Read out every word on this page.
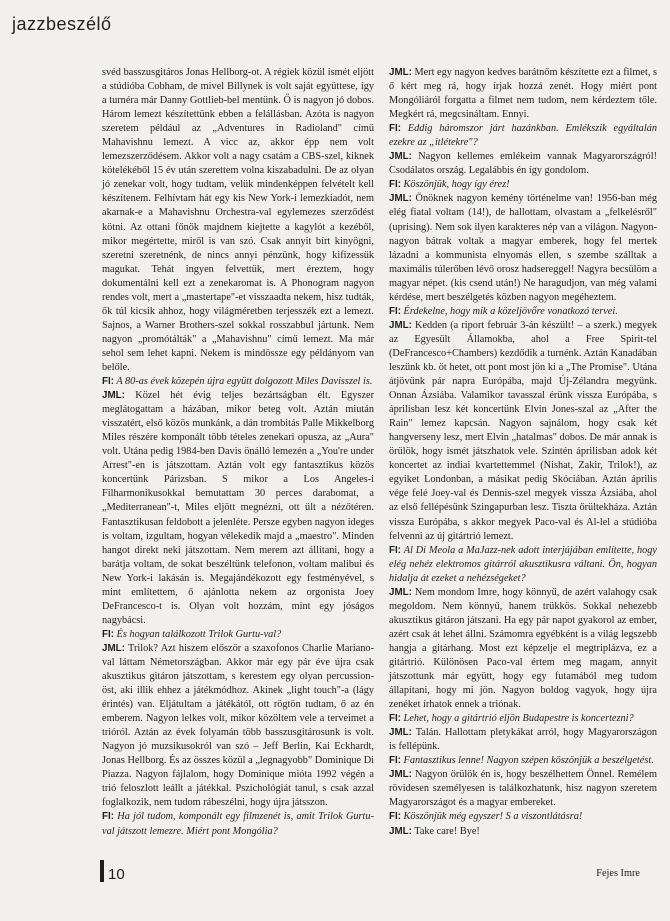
jazzbeszélő

svéd basszusgitáros Jonas Hellborg-ot. A régiek közül ismét eljött a stúdióba Cobham, de mivel Billynek is volt saját együttese, így a turnéra már Danny Gottlieb-bel mentünk. Ő is nagyon jó dobos. Három lemezt készítettünk ebben a felállásban. Azóta is nagyon szeretem például az „Adventures in Radioland" című Mahavishnu lemezt. A vicc az, akkor épp nem volt lemezszerződésem. Akkor volt a nagy csatám a CBS-szel, kiknek kötelékéből 15 év után szerettem volna kiszabadulni. De az olyan jó zenekar volt, hogy tudtam, velük mindenképpen felvételt kell készítenem. Felhívtam hát egy kis New York-i lemezkiadót, nem akarnak-e a Mahavishnu Orchestra-val egylemezes szerződést kötni. Az ottani főnök majdnem kiejtette a kagylót a kezéből, mikor megértette, miről is van szó. Csak annyit bírt kinyögni, szeretni szeretnénk, de nincs annyi pénzünk, hogy kifizessük magukat. Tehát ingyen felvettük, mert éreztem, hogy dokumentálni kell ezt a zenekaromat is. A Phonogram nagyon rendes volt, mert a „mastertape"-et visszaadta nekem, hisz tudták, ők túl kicsik ahhoz, hogy világméretben terjesszék ezt a lemezt. Sajnos, a Warner Brothers-szel sokkal rosszabbul jártunk. Nem nagyon „promótálták" a „Mahavishnu" című lemezt. Ma már sehol sem lehet kapni. Nekem is mindössze egy példányom van belőle.

FI: A 80-as évek közepén újra együtt dolgozott Miles Davisszel is.

JML: Közel hét évig teljes bezártságban élt. Egyszer meglátogattam a házában, mikor beteg volt. Aztán miután visszatért, első közös munkánk, a dán trombitás Palle Mikkelborg Miles részére komponált több tételes zenekari opusza, az „Aura" volt. Utána pedig 1984-ben Davis önálló lemezén a „You're under Arrest"-en is játszottam. Aztán volt egy fantasztikus közös koncertünk Párizsban. S mikor a Los Angeles-i Filharmonikusokkal bemutattam 30 perces darabomat, a „Mediterranean"-t, Miles eljött megnézni, ott ült a nézőtéren. Fantasztikusan feldobott a jelenléte. Persze egyben nagyon ideges is voltam, izgultam, hogyan vélekedik majd a „maestro". Minden hangot direkt neki játszottam. Nem merem azt állítani, hogy a barátja voltam, de sokat beszéltünk telefonon, voltam malibui és New York-i lakásán is. Megajándékozott egy festményével, s mint említettem, ő ajánlotta nekem az orgonista Joey DeFrancesco-t is. Olyan volt hozzám, mint egy jóságos nagybácsi.

FI: És hogyan találkozott Trilok Gurtu-val?

JML: Trilok? Azt hiszem először a szaxofonos Charlie Mariano-val láttam Németországban. Akkor már egy pár éve újra csak akusztikus gitáron játszottam, s kerestem egy olyan percussion-öst, aki illik ehhez a játékmódhoz. Akinek „light touch"-a (lágy érintés) van. Eljátultam a játékától, ott rögtön tudtam, ő az én emberem. Nagyon lelkes volt, mikor közöltem vele a terveimet a trióról. Aztán az évek folyamán több basszusgitárosunk is volt. Nagyon jó muzsikusokról van szó – Jeff Berlin, Kai Eckhardt, Jonas Hellborg. És az összes közül a „legnagyobb" Dominique Di Piazza. Nagyon fájlalom, hogy Dominique mióta 1992 végén a trió feloszlott leállt a játékkal. Pszichológiát tanul, s csak azzal foglalkozik, nem tudom rábeszélni, hogy újra játsszon.

FI: Ha jól tudom, komponált egy filmzenét is, amit Trilok Gurtu-val játszott lemezre. Miért pont Mongólia?

JML: Mert egy nagyon kedves barátnőm készítette ezt a filmet, s ő kért meg rá, hogy írjak hozzá zenét. Hogy miért pont Mongóliáról forgatta a filmet nem tudom, nem kérdeztem tőle. Megkért rá, megcsináltam. Ennyi.

FI: Eddig háromszor járt hazánkban. Emlékszik egyáltalán ezekre az „itlétekre"?

JML: Nagyon kellemes emlékeim vannak Magyarországról! Csodálatos ország. Legalábbis én így gondolom.

FI: Köszönjük, hogy így érez!

JML: Önöknek nagyon kemény történelme van! 1956-ban még elég fiatal voltam (14!), de hallottam, olvastam a „felkelésről" (uprising). Nem sok ilyen karakteres nép van a világon. Nagyon-nagyon bátrak voltak a magyar emberek, hogy fel mertek lázadni a kommunista elnyomás ellen, s szembe szálltak a maximális túlerőben lévő orosz hadsereggel! Nagyra becsülöm a magyar népet. (kis csend után!) Ne haragudjon, van még valami kérdése, mert beszélgetés közben nagyon megéheztem.

FI: Érdekelne, hogy mik a közeljövőre vonatkozó tervei.

JML: Kedden (a riport február 3-án készült! – a szerk.) megyek az Egyesült Államokba, ahol a Free Spirit-tel (DeFrancesco+Chambers) kezdődik a turnénk. Aztán Kanadában leszünk kb. öt hetet, ott pont most jön ki a „The Promise". Utána átjövünk pár napra Európába, majd Új-Zélandra megyünk. Onnan Ázsiába. Valamikor tavasszal érünk vissza Európába, s áprilisban lesz két koncertünk Elvin Jones-szal az „After the Rain" lemez kapcsán. Nagyon sajnálom, hogy csak két hangverseny lesz, mert Elvin „hatalmas" dobos. De már annak is örülök, hogy ismét játszhatok vele. Szintén áprilisban adok két koncertet az indiai kvartettemmel (Nishat, Zakir, Trilok!), az egyiket Londonban, a másikat pedig Skóciában. Aztán április vége felé Joey-val és Dennis-szel megyek vissza Ázsiába, ahol az első fellépésünk Szingapurban lesz. Tiszta őrültekháza. Aztán vissza Európába, s akkor megyek Paco-val és Al-lel a stúdióba felvenni az új gitártrió lemezt.

FI: Al Di Meola a MaJazz-nek adott interjújában említette, hogy elég nehéz elektromos gitárról akusztikusra váltani. Ön, hogyan hidalja át ezeket a nehézségeket?

JML: Nem mondom Imre, hogy könnyű, de azért valahogy csak megoldom. Nem könnyű, hanem trükkös. Sokkal nehezebb akusztikus gitáron játszani. Ha egy pár napot gyakorol az ember, azért csak át lehet állni. Számomra egyébként is a világ legszebb hangja a gitárhang. Most ezt képzelje el megtriplázva, ez a gitártrió. Különösen Paco-val értem meg magam, annyit játszottunk már együtt, hogy egy futamából meg tudom állapítani, hogy mi jön. Nagyon boldog vagyok, hogy újra zenéket írhatok ennek a triónak.

FI: Lehet, hogy a gitártrió eljön Budapestre is koncertezni?

JML: Talán. Hallottam pletykákat arról, hogy Magyarországon is fellépünk.

FI: Fantasztikus lenne! Nagyon szépen köszönjük a beszélgetést.

JML: Nagyon örülök én is, hogy beszélhettem Önnel. Remélem rövidesen személyesen is találkozhatunk, hisz nagyon szeretem Magyarországot és a magyar embereket.

FI: Köszönjük még egyszer! S a viszontlátásra!

JML: Take care! Bye!

Fejes Imre
10
